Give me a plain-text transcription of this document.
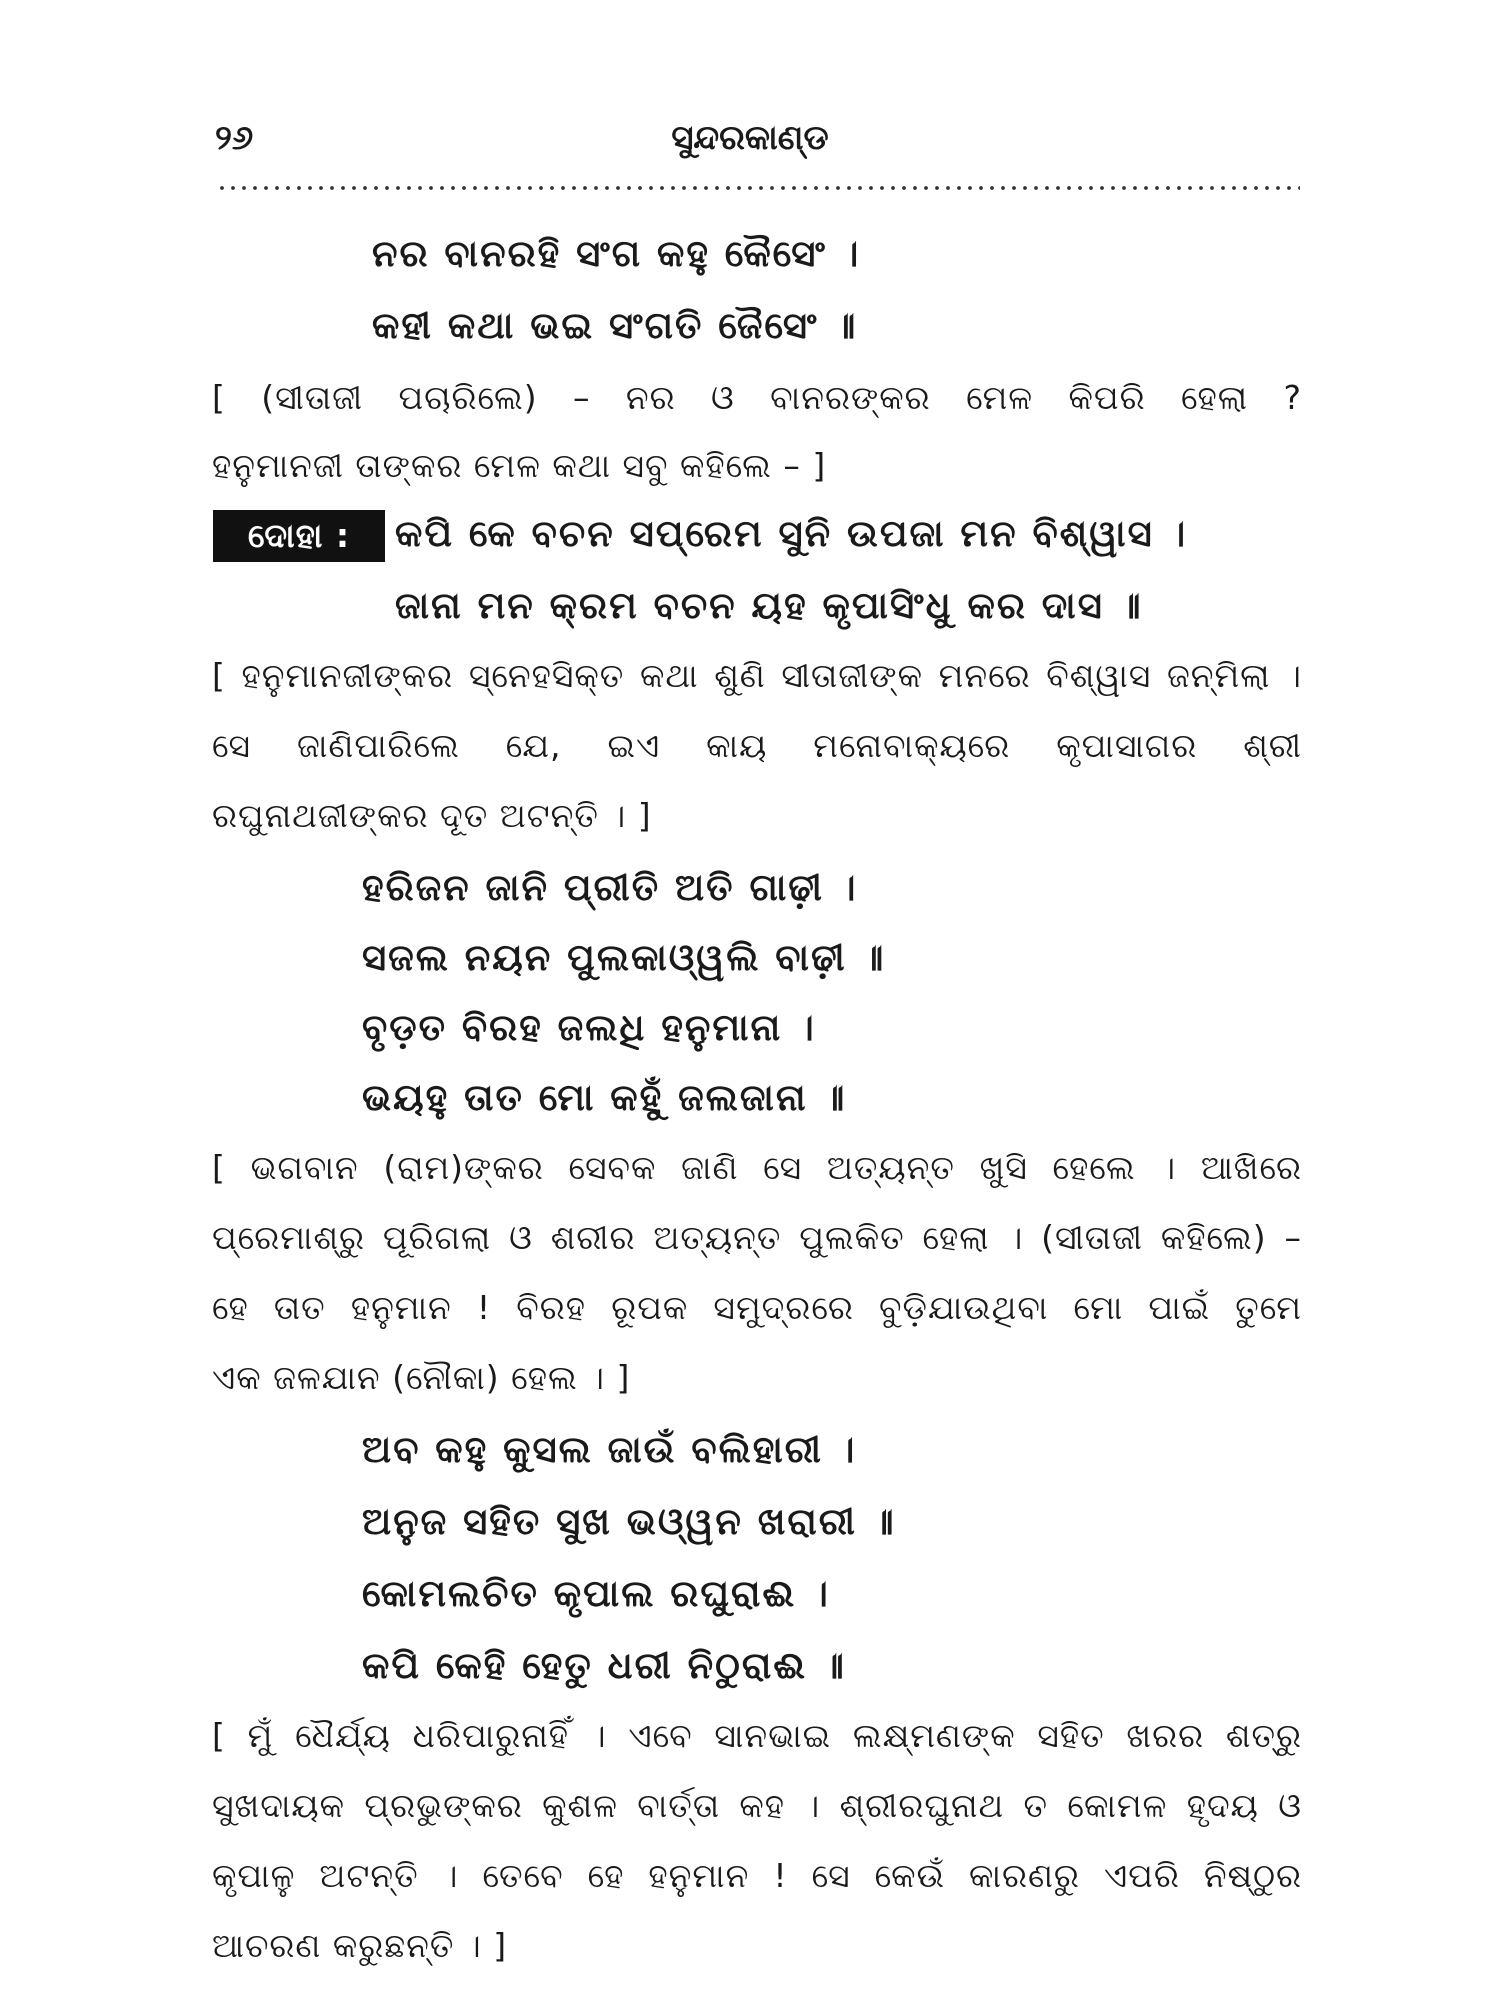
୨୬	ସୁନ୍ଦରକାଣ୍ଡ
ନର ବାନରହି ସଂଗ କହୁ କୈସେଂ ।
କହୀ କଥା ଭଇ ସଂଗତି ଜୈସେଂ ॥
[ (ସୀତାଜୀ ପଚାରିଲେ) – ନର ଓ ବାନରଙ୍କର ମେଳ କିପରି ହେଲା ?
ହନୁମାନଜୀ ତାଙ୍କର ମେଳ କଥା ସବୁ କହିଲେ – ]
ଦୋହା :	କପି କେ ବଚନ ସପ୍ରେମ ସୁନି ଉପଜା ମନ ବିଶ୍ୱାସ ।
ଜାନା ମନ କ୍ରମ ବଚନ ୟହ କୃପାସିଂଧୁ କର ଦାସ ॥
[ ହନୁମାନଜୀଙ୍କର ସ୍ନେହସିକ୍ତ କଥା ଶୁଣି ସୀତାଜୀଙ୍କ ମନରେ ବିଶ୍ୱାସ ଜନ୍ମିଲା ।
ସେ ଜାଣିପାରିଲେ ଯେ, ଇଏ କାୟ ମନୋବାକ୍ୟରେ କୃପାସାଗର ଶ୍ରୀ
ରଘୁନାଥଜୀଙ୍କର ଦୂତ ଅଟନ୍ତି । ]
ହରିଜନ ଜାନି ପ୍ରୀତି ଅତି ଗାଢ଼ୀ ।
ସଜଲ ନୟନ ପୁଲକାଓ୍ୱଲି ବାଢ଼ୀ ॥
ବୃଡ଼ତ ବିରହ ଜଲଧି ହନୁମାନା ।
ଭୟହୁ ତାତ ମୋ କହୁଁ ଜଲଜାନା ॥
[ ଭଗବାନ (ରାମ)ଙ୍କର ସେବକ ଜାଣି ସେ ଅତ୍ୟନ୍ତ ଖୁସି ହେଲେ । ଆଖିରେ
ପ୍ରେମାଶ୍ରୁ ପୂରିଗଲା ଓ ଶରୀର ଅତ୍ୟନ୍ତ ପୁଲକିତ ହେଲା । (ସୀତାଜୀ କହିଲେ) –
ହେ ତାତ ହନୁମାନ ! ବିରହ ରୂପକ ସମୁଦ୍ରରେ ବୁଡ଼ିଯାଉଥିବା ମୋ ପାଇଁ ତୁମେ
ଏକ ଜଳଯାନ (ନୌକା) ହେଲ । ]
ଅବ କହୁ କୁସଲ ଜାଉଁ ବଲିହାରୀ ।
ଅନୁଜ ସହିତ ସୁଖ ଭଓ୍ୱନ ଖରାରୀ ॥
କୋମଲଚିତ କୃପାଲ ରଘୁରାଈ ।
କପି କେହି ହେତୁ ଧରୀ ନିଠୁରାଈ ॥
[ ମୁଁ ଧୈର୍ଯ୍ୟ ଧରିପାରୁନାହିଁ । ଏବେ ସାନଭାଇ ଲକ୍ଷ୍ମଣଙ୍କ ସହିତ ଖରର ଶତ୍ରୁ
ସୁଖଦାୟକ ପ୍ରଭୁଙ୍କର କୁଶଳ ବାର୍ତ୍ତା କହ । ଶ୍ରୀରଘୁନାଥ ତ କୋମଳ ହୃଦୟ ଓ
କୃପାଳୁ ଅଟନ୍ତି । ତେବେ ହେ ହନୁମାନ ! ସେ କେଉଁ କାରଣରୁ ଏପରି ନିଷ୍ଠୁର
ଆଚରଣ କରୁଛନ୍ତି । ]
